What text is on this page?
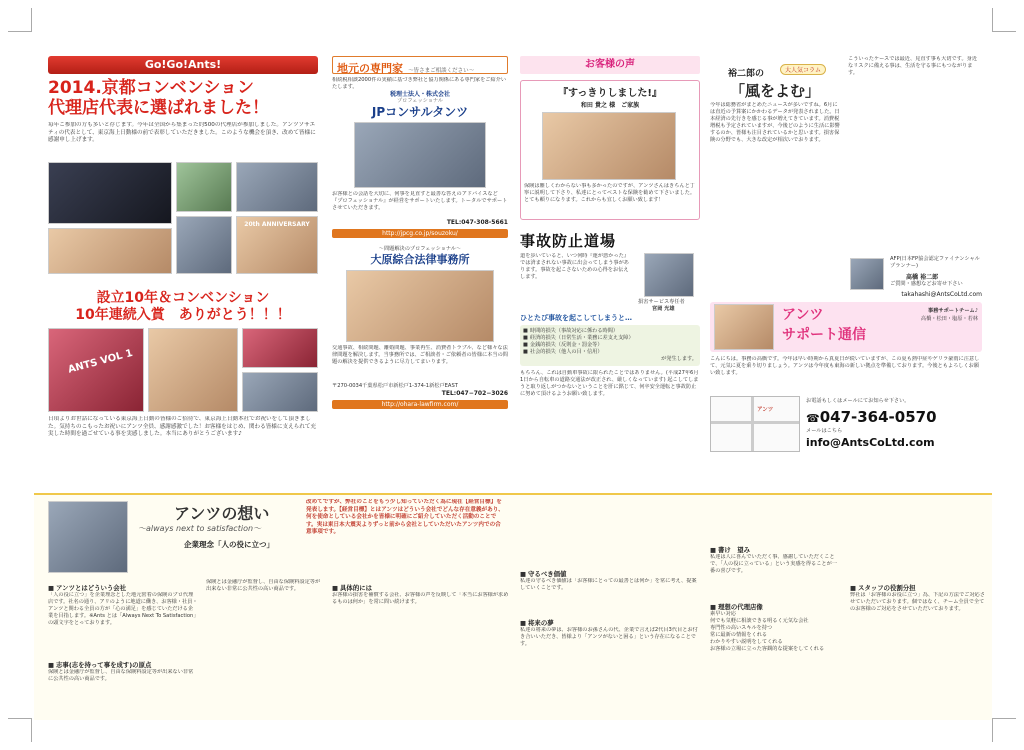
Go!Go!Ants!
2014.京都コンベンション
代理店代表に選ばれました！
毎年ご参加の方も多いと存じます。今年は全国から集まった約500の代理店が参加しました。アンツソサエティの代表として、東京海上日動様の前で表彰していただきました。このような機会を頂き、改めて皆様に感謝申し上げます。
20th ANNIVERSARY
設立10年＆コンベンション
10年連続入賞　ありがとう！！！
ANTS VOL 1
日頃よりお世話になっている東京海上日動の皆様のご招待で、東京海上日動本社でお祝いをして頂きました。気持ちのこもったお祝いにアンツ全員、感謝感激でした！お客様をはじめ、関わる皆様に支えられて充実した時間を過ごせている事を実感しました。本当にありがとうございます♪
地元の専門家 〜皆さまご相談ください〜
相続税相談2000件の実績に基づき弊社と協力関係にある専門家をご紹介いたします。
税理士法人・株式会社
プロフェッショナル
JPコンサルタンツ
お客様との会話を大切に、何事を見直すと最善な答えのアドバイスなど『プロフェッショナル』が経営をサポートいたします。トータルでサポートさせていただきます。
TEL:047-308-5661
http://jpcg.co.jp/souzoku/
〜問題解決のプロフェッショナル〜
大原綜合法律事務所
交通事故、相続問題、離婚問題、事業再生、消費者トラブル、など様々な法律問題を解決します。当事務所では、ご相談者・ご依頼者の皆様に本当の問題の解決を提供できるように尽力してまいります。
〒270-0034千葉県松戸市新松戸1-374-1新松戸EAST
TEL:047−702−3026
http://ohara-lawfirm.com/
お客様の声
『すっきりしました!』
和田 貴之 様　ご家族
保険は難しくわからない事も多かったのですが、アンツさんはきちんと丁寧に説明して下さり、私達にとってベストな保険を勧めて下さいました。とても頼りになります。これからも宜しくお願い致します！
事故防止道場
道を歩いていると、いつ何時『運が悪かった』では済まされない事故に出会ってしまう事があります。事故を起こさないための心得をお伝えします。
損害サービス専任者
宮岡 光雄
ひとたび事故を起こしてしまうと…
■ 時間的損失（事故対応に係わる時間）
■ 経済的損失（日常生活・業務に差支え支障）
■ 金銭的損失（反則金・罰金等）
■ 社会的損失（他人の目・信用）
が発生します。
もちろん、これは自動車事故に限られたことではありません。(平成27年6月1日から自転車の道路交通法が改正され、厳しくなっています) 起こしてしまうと取り返しがつかないということを肝に銘じて、何卒安全運転と事故防止に努めて頂けるようお願い致します。
裕二郎の	大人気コラム
「風をよむ」
今年は総務省がまとめたニュースが多いですね。6月には直近の予算案にかかわるデータが発表されました。日本経済の先行きを感じる事が増えてきています。消費税増税も予定されていますが、今後どのように生活に影響するのか、皆様も注目されているかと思います。損害保険の分野でも、大きな改定が相次いでおります。
こういったケースでは最近、見直す事も大切です。身近なリスクに備える事は、生活を守る事にもつながります。
AFP(日本FP協会認定ファイナンシャルプランナー)
高橋 裕二郎
ご質問・感想などお寄せ下さい
takahashi@AntsCoLtd.com
アンツ
サポート通信
事務サポートチーム♪
高橋・松田・塩原・若林
こんにちは。事務の高橋です。今年は早い時期から真夏日が続いていますが、この夏も熱中症やゲリラ豪雨に注意して、元気に夏を乗り切りましょう。アンツは今年度も東海の新しい拠点を準備しております。今後ともよろしくお願い致します。
アンツ
お電話もしくはメールにてお知らせ下さい。
☎047-364-0570
メールはこちら
info@AntsCoLtd.com
アンツの想い
〜always next to satisfaction〜
企業理念「人の役に立つ」
改めてですが、弊社のことをもう少し知っていただく為に現在【経営目標】を発表します。【経営目標】とはアンツはどういう会社でどんな存在意義があり、何を使命としている会社かを皆様に明確にご紹介していただく活動のことです。実は東日本大震災よりずっと前から会社としていただいたアンツ内での合意事項です。
■ アンツとはどういう会社
「人の役に立つ」を企業理念とした地元密着の保険のプロ代理店です。社名の通り、アリのように地道に働き、お客様・社員・アンツと関わる全員の方が「心の満足」を感じていただける企業を目指します。※Ants とは「Always Next To Satisfaction」の頭文字をとっております。
■ 志事(志を持って事を成す)の原点
保険とは金融庁が監督し、自由な保険料設定等が出来ない非常に公共性の高い商品です。
保険とは金融庁が監督し、自由な保険料設定等が出来ない非常に公共性の高い商品です。
■	具体的には
お客様の損害を補償する会社、お客様の声を反映して「本当にお客様が求めるものは何か」を常に問い続けます。
■ 守るべき価値
私達の守るべき価値は「お客様にとっての最善とは何か」を常に考え、提案していくことです。
■ 将来の夢
私達の将来の夢は、お客様のお孫さんの代、企業で言えば2代目3代目とお付き合いいただき、皆様より「アンツがないと困る」という存在になることです。
■ 書け　望み
私達は人に喜んでいただく事、感謝していただくことで、「人の役に立っている」という実感を得ることが一番の喜びです。
■ 理想の代理店像
素早い対応
何でも気軽に相談できる明るく元気な会社
専門性の高いスキルを持つ
常に最新の情報をくれる
わかりやすい説明をしてくれる
お客様の立場に立った客観的な提案をしてくれる
■ スタッフの役割分担
弊社は「お客様のお役に立つ」為、下記の方法でご対応させていただいております。個ではなく、チーム全員で全てのお客様のご対応をさせていただいております。
